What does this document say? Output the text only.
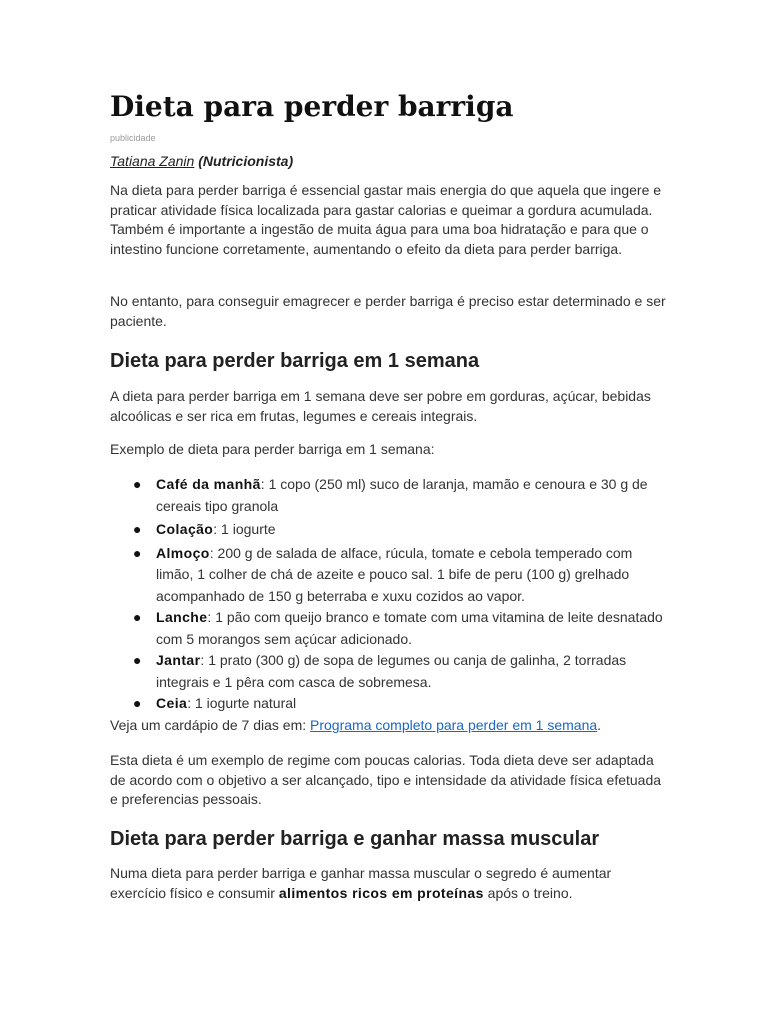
Dieta para perder barriga
publicidade
Tatiana Zanin (Nutricionista)

Na dieta para perder barriga é essencial gastar mais energia do que aquela que ingere e praticar atividade física localizada para gastar calorias e queimar a gordura acumulada. Também é importante a ingestão de muita água para uma boa hidratação e para que o intestino funcione corretamente, aumentando o efeito da dieta para perder barriga.

No entanto, para conseguir emagrecer e perder barriga é preciso estar determinado e ser paciente.

Dieta para perder barriga em 1 semana

A dieta para perder barriga em 1 semana deve ser pobre em gorduras, açúcar, bebidas alcoólicas e ser rica em frutas, legumes e cereais integrais.

Exemplo de dieta para perder barriga em 1 semana:

● Café da manhã: 1 copo (250 ml) suco de laranja, mamão e cenoura e 30 g de cereais tipo granola
● Colação: 1 iogurte
● Almoço: 200 g de salada de alface, rúcula, tomate e cebola temperado com limão, 1 colher de chá de azeite e pouco sal. 1 bife de peru (100 g) grelhado acompanhado de 150 g beterraba e xuxu cozidos ao vapor.
● Lanche: 1 pão com queijo branco e tomate com uma vitamina de leite desnatado com 5 morangos sem açúcar adicionado.
● Jantar: 1 prato (300 g) de sopa de legumes ou canja de galinha, 2 torradas integrais e 1 pêra com casca de sobremesa.
● Ceia: 1 iogurte natural

Veja um cardápio de 7 dias em: Programa completo para perder em 1 semana.

Esta dieta é um exemplo de regime com poucas calorias. Toda dieta deve ser adaptada de acordo com o objetivo a ser alcançado, tipo e intensidade da atividade física efetuada e preferencias pessoais.

Dieta para perder barriga e ganhar massa muscular

Numa dieta para perder barriga e ganhar massa muscular o segredo é aumentar exercício físico e consumir alimentos ricos em proteínas após o treino.
